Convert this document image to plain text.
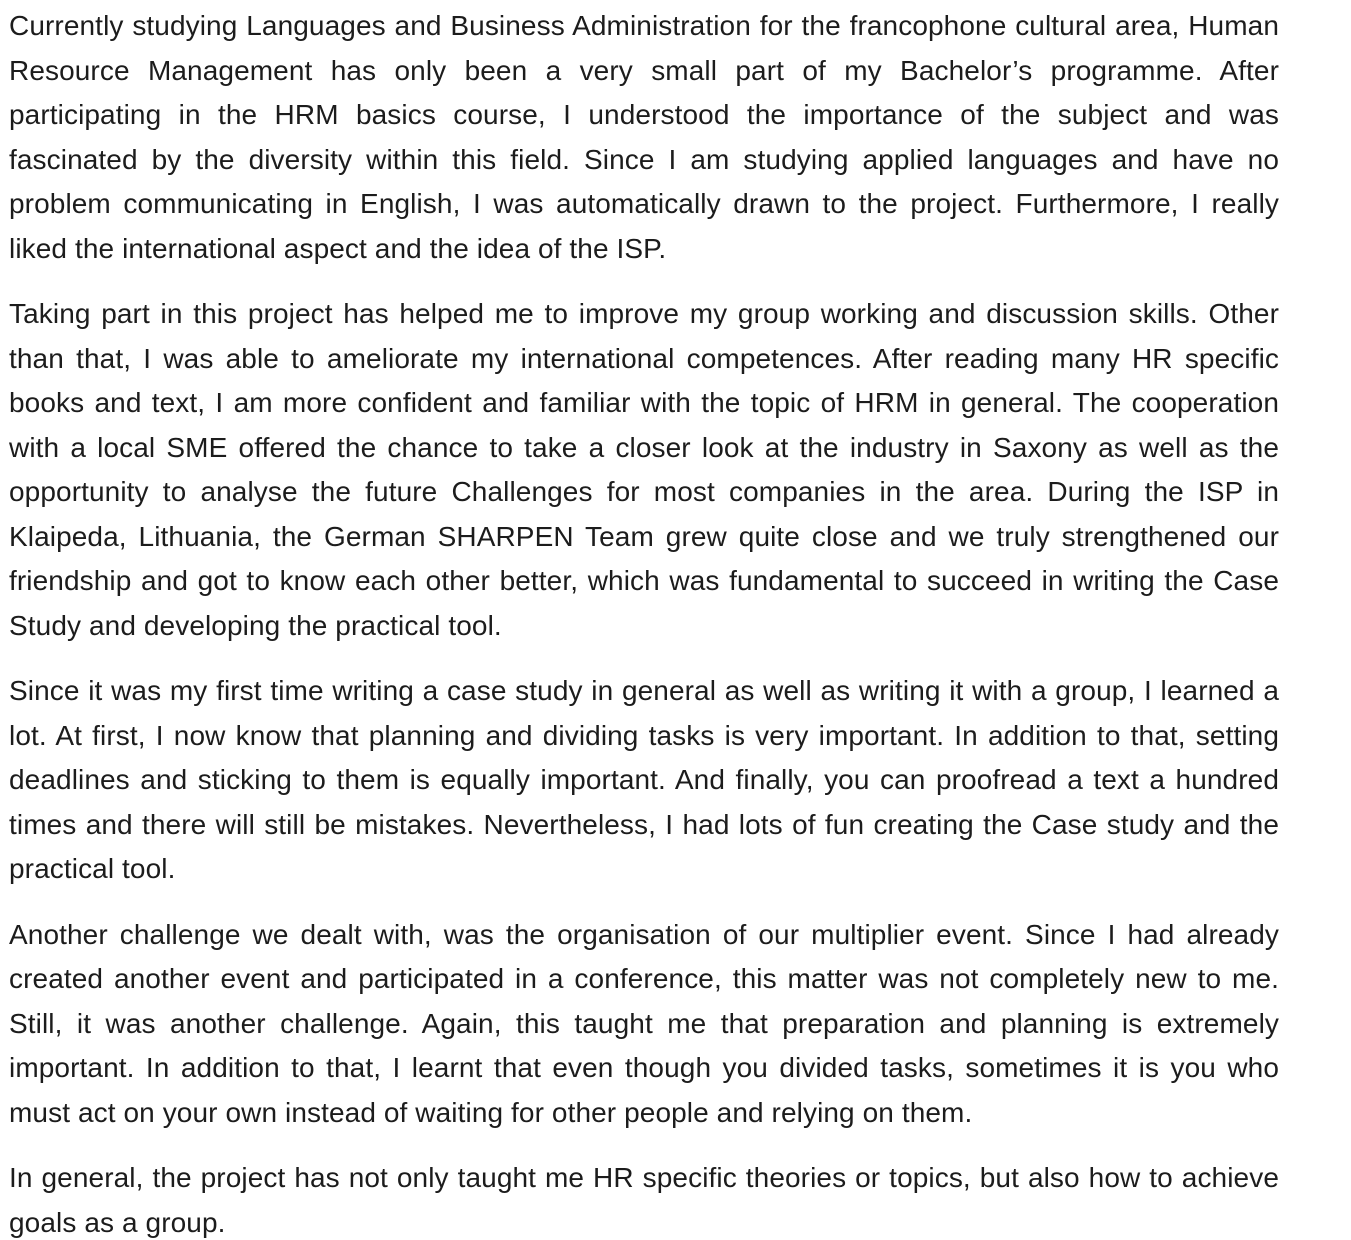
Currently studying Languages and Business Administration for the francophone cultural area, Human Resource Management has only been a very small part of my Bachelor’s programme. After participating in the HRM basics course, I understood the importance of the subject and was fascinated by the diversity within this field. Since I am studying applied languages and have no problem communicating in English, I was automatically drawn to the project. Furthermore, I really liked the international aspect and the idea of the ISP.

Taking part in this project has helped me to improve my group working and discussion skills. Other than that, I was able to ameliorate my international competences. After reading many HR specific books and text, I am more confident and familiar with the topic of HRM in general. The cooperation with a local SME offered the chance to take a closer look at the industry in Saxony as well as the opportunity to analyse the future Challenges for most companies in the area. During the ISP in Klaipeda, Lithuania, the German SHARPEN Team grew quite close and we truly strengthened our friendship and got to know each other better, which was fundamental to succeed in writing the Case Study and developing the practical tool.

Since it was my first time writing a case study in general as well as writing it with a group, I learned a lot. At first, I now know that planning and dividing tasks is very important. In addition to that, setting deadlines and sticking to them is equally important. And finally, you can proofread a text a hundred times and there will still be mistakes. Nevertheless, I had lots of fun creating the Case study and the practical tool.

Another challenge we dealt with, was the organisation of our multiplier event. Since I had already created another event and participated in a conference, this matter was not completely new to me. Still, it was another challenge. Again, this taught me that preparation and planning is extremely important. In addition to that, I learnt that even though you divided tasks, sometimes it is you who must act on your own instead of waiting for other people and relying on them.

In general, the project has not only taught me HR specific theories or topics, but also how to achieve goals as a group.
